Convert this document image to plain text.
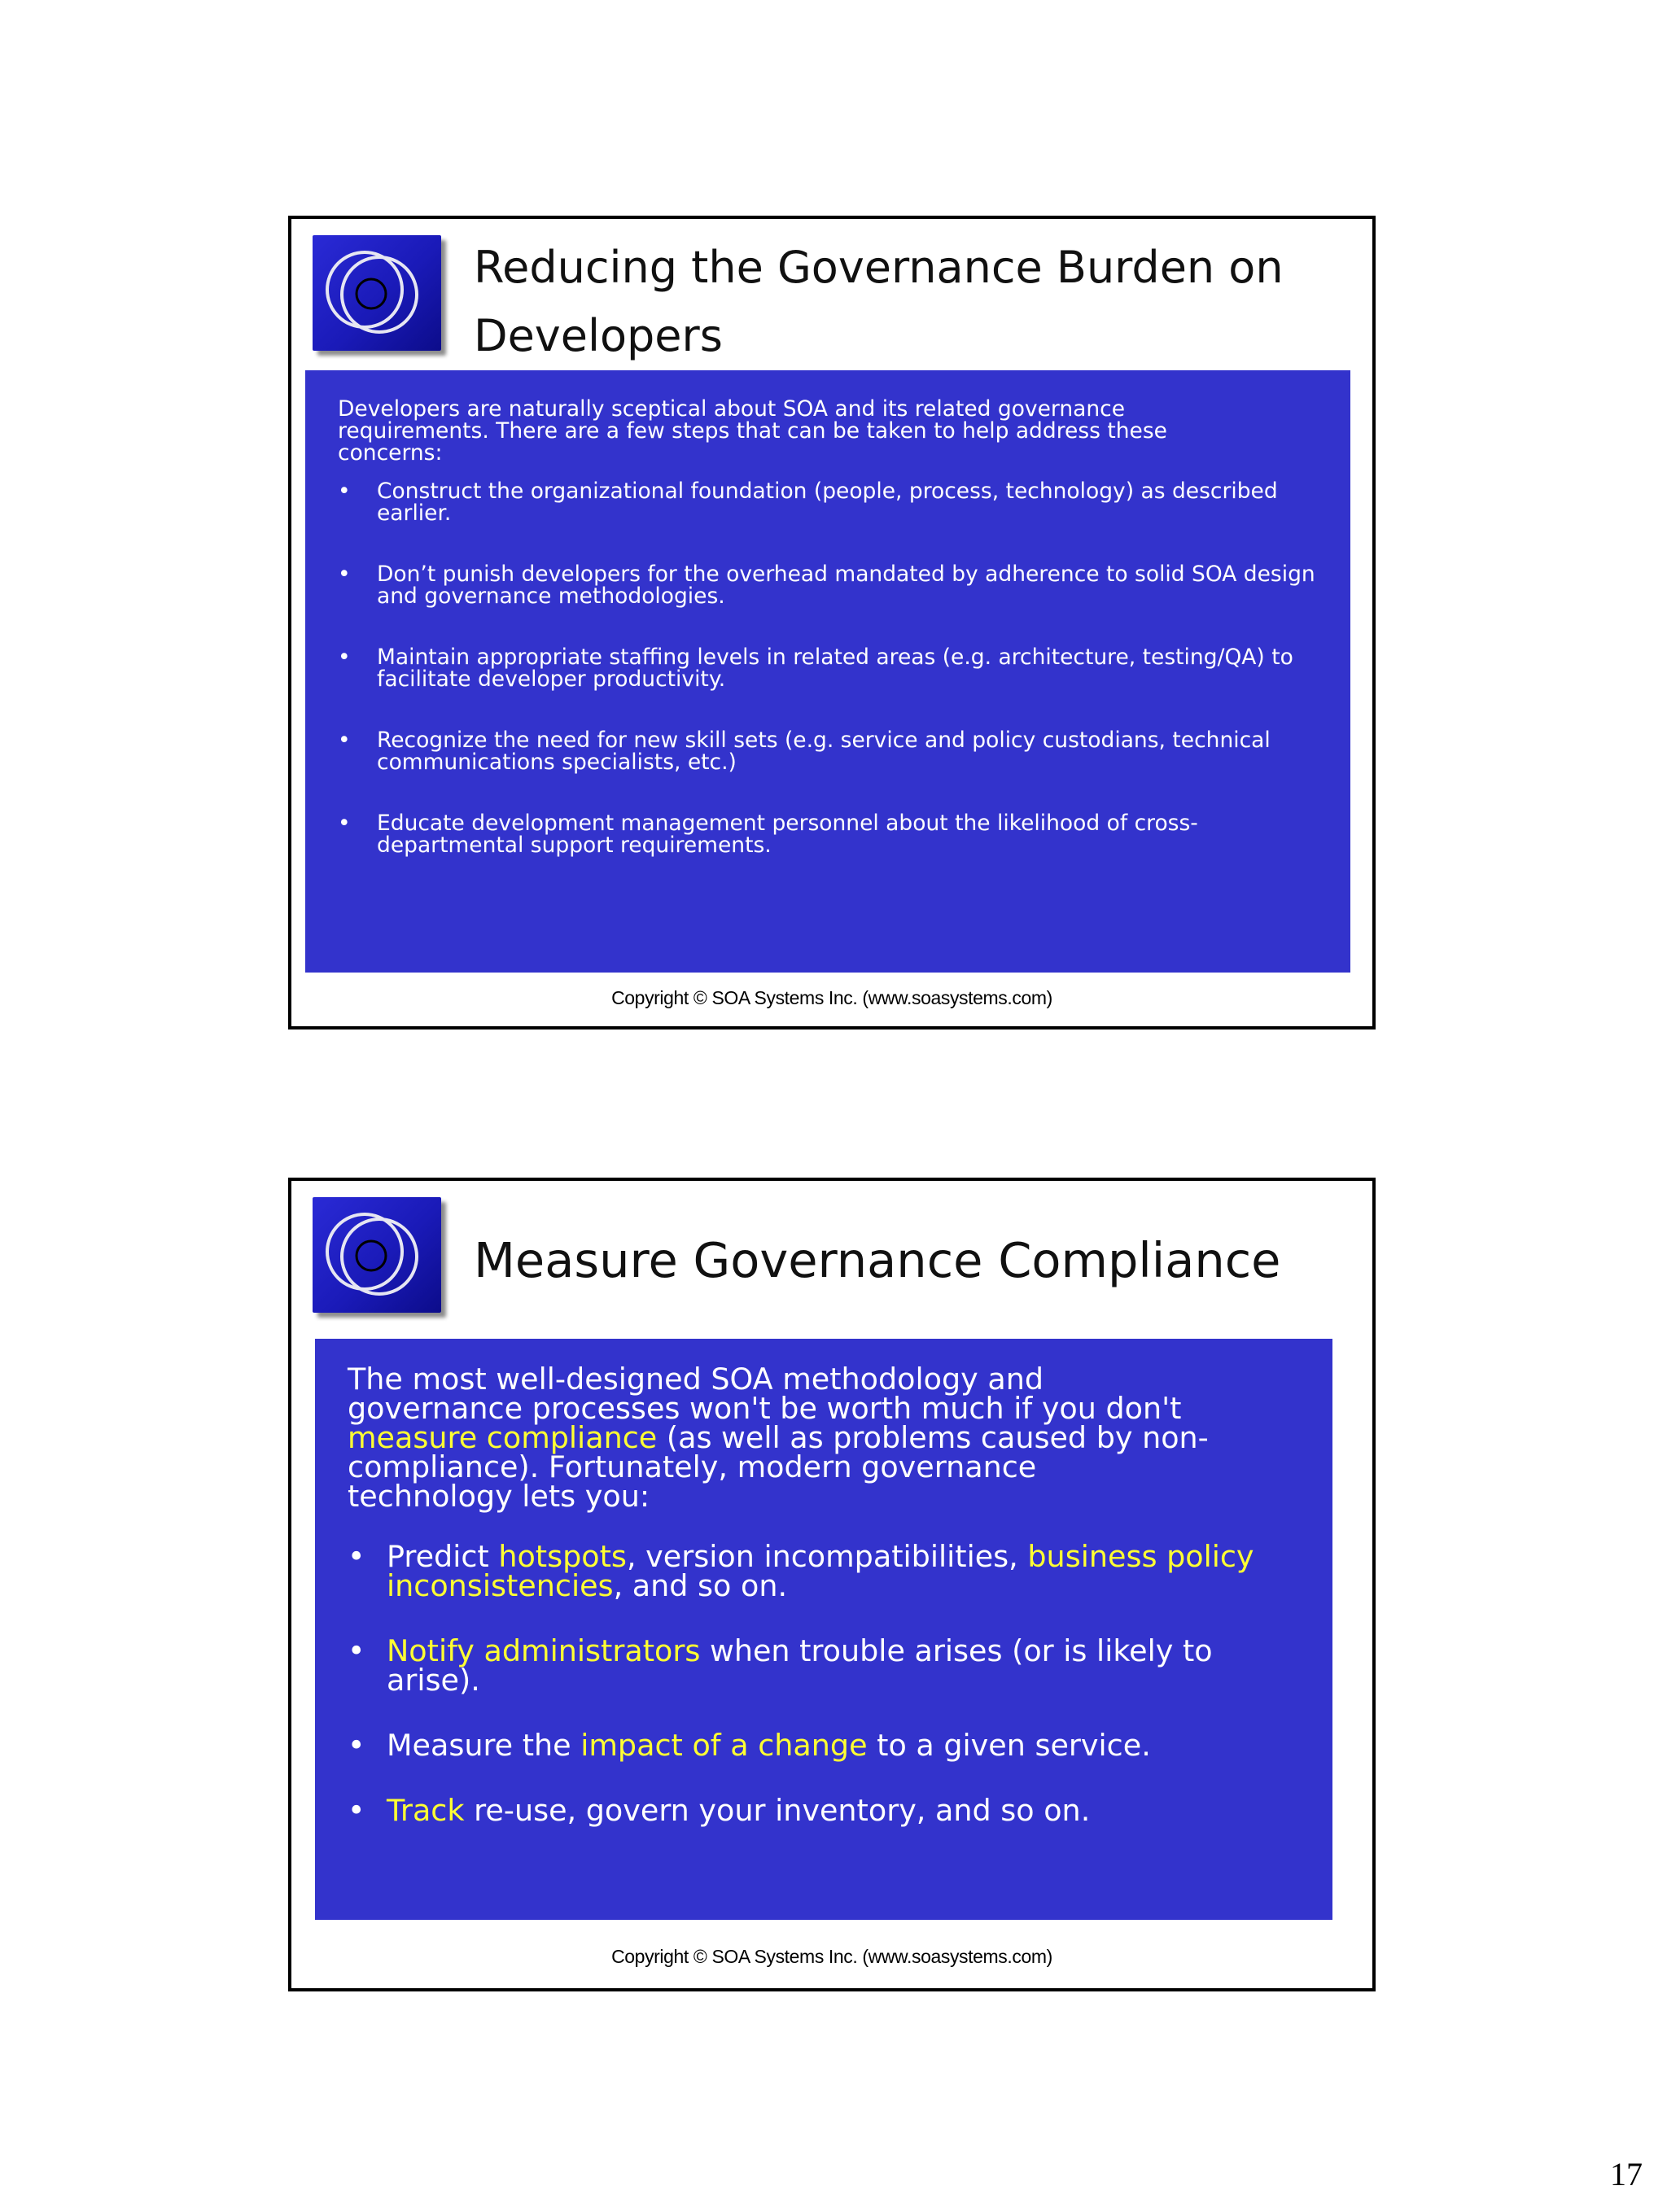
Reducing the Governance Burden on Developers

Developers are naturally sceptical about SOA and its related governance requirements. There are a few steps that can be taken to help address these concerns:

• Construct the organizational foundation (people, process, technology) as described earlier.
• Don’t punish developers for the overhead mandated by adherence to solid SOA design and governance methodologies.
• Maintain appropriate staffing levels in related areas (e.g. architecture, testing/QA) to facilitate developer productivity.
• Recognize the need for new skill sets (e.g. service and policy custodians, technical communications specialists, etc.)
• Educate development management personnel about the likelihood of cross-departmental support requirements.
Copyright © SOA Systems Inc. (www.soasystems.com)
Measure Governance Compliance

The most well-designed SOA methodology and governance processes won't be worth much if you don't measure compliance (as well as problems caused by non-compliance). Fortunately, modern governance technology lets you:

• Predict hotspots, version incompatibilities, business policy inconsistencies, and so on.
• Notify administrators when trouble arises (or is likely to arise).
• Measure the impact of a change to a given service.
• Track re-use, govern your inventory, and so on.
Copyright © SOA Systems Inc. (www.soasystems.com)
17
